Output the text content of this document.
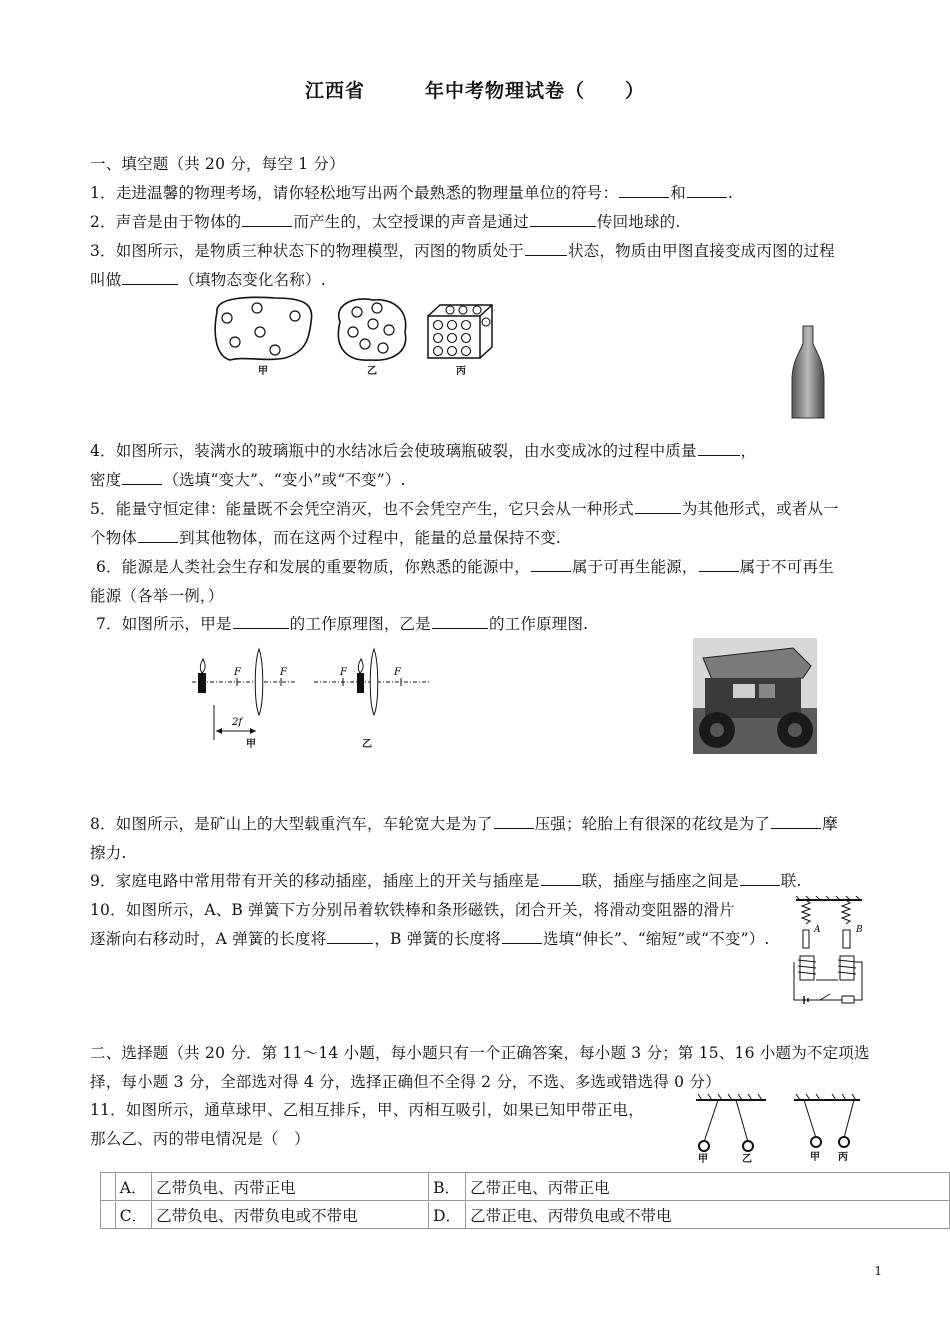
江西省　　　年中考物理试卷（　　）
一、填空题（共 20 分，每空 1 分）
1．走进温馨的物理考场，请你轻松地写出两个最熟悉的物理量单位的符号：	和	.
2．声音是由于物体的	而产生的，太空授课的声音是通过	传回地球的.
3．如图所示，是物质三种状态下的物理模型，丙图的物质处于	状态，物质由甲图直接变成丙图的过程
叫做	（填物态变化名称）.
甲	乙	丙
4．如图所示，装满水的玻璃瓶中的水结冰后会使玻璃瓶破裂，由水变成冰的过程中质量	，
密度	（选填“变大”、“变小”或“不变”）.
5．能量守恒定律：能量既不会凭空消灭，也不会凭空产生，它只会从一种形式	为其他形式，或者从一
个物体	到其他物体，而在这两个过程中，能量的总量保持不变.
6．能源是人类社会生存和发展的重要物质，你熟悉的能源中，	属于可再生能源，	属于不可再生
能源（各举一例，）
7．如图所示，甲是	的工作原理图，乙是	的工作原理图.
F	F
2f
甲
F	F
乙
8．如图所示，是矿山上的大型载重汽车，车轮宽大是为了	压强；轮胎上有很深的花纹是为了	摩
擦力.
9．家庭电路中常用带有开关的移动插座，插座上的开关与插座是	联，插座与插座之间是	联.
10．如图所示，A、B 弹簧下方分别吊着软铁棒和条形磁铁，闭合开关，将滑动变阻器的滑片
逐渐向右移动时，A 弹簧的长度将	，B 弹簧的长度将	选填“伸长”、“缩短”或“不变”）.	A	B
二、选择题（共 20 分．第 11～14 小题，每小题只有一个正确答案，每小题 3 分；第 15、16 小题为不定项选
择，每小题 3 分，全部选对得 4 分，选择正确但不全得 2 分，不选、多选或错选得 0 分）
11．如图所示，通草球甲、乙相互排斥，甲、丙相互吸引，如果已知甲带正电，
那么乙、丙的带电情况是（　）
甲	乙	甲 丙
	A．	乙带负电、丙带正电	B．	乙带正电、丙带正电
	C．	乙带负电、丙带负电或不带电	D．	乙带正电、丙带负电或不带电
1
